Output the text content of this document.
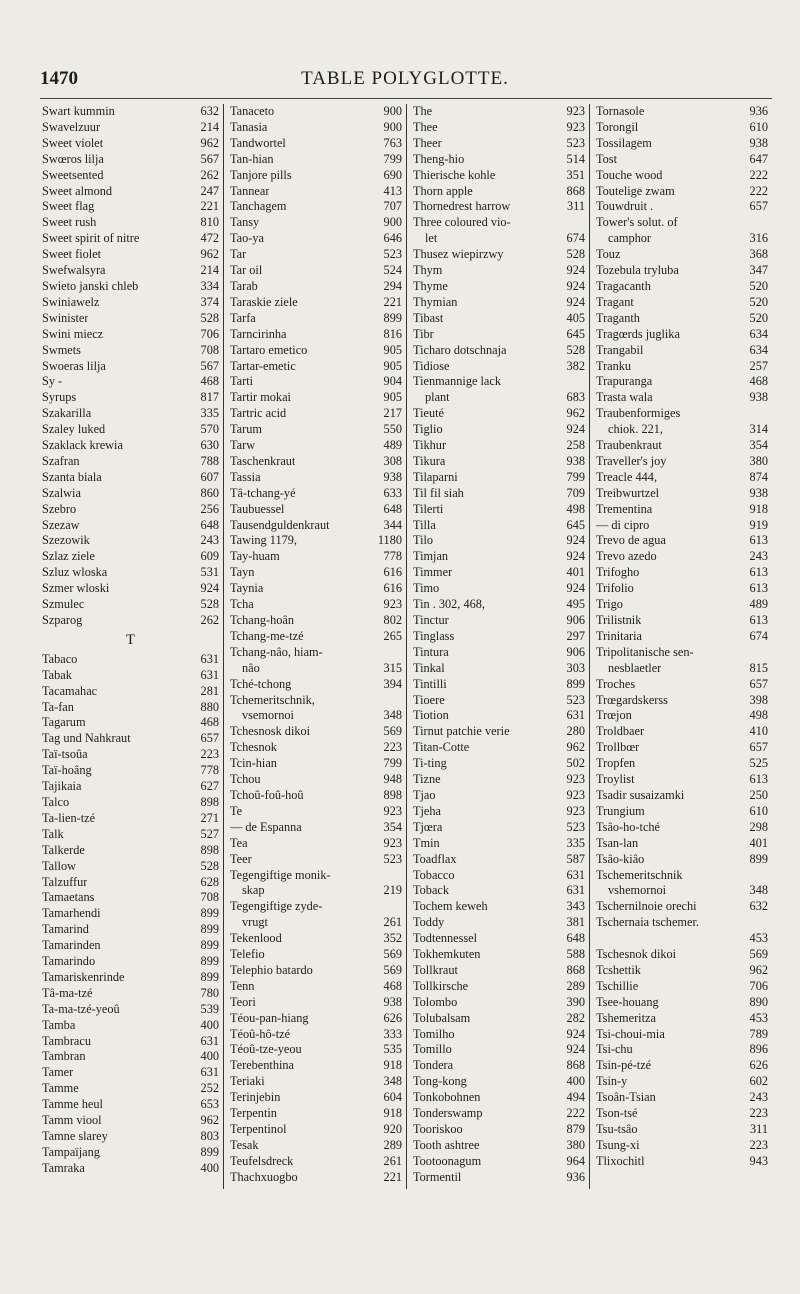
1470	TABLE POLYGLOTTE.
Swart kummin	632
Swavelzuur	214
Sweet violet	962
Swœros lilja	567
Sweetsented	262
Sweet almond	247
Sweet flag	221
Sweet rush	810
Sweet spirit of nitre	472
Sweet fiolet	962
Swefwalsyra	214
Swieto janski chleb	334
Swiniawelz	374
Swinister	528
Swini miecz	706
Swmets	708
Swoeras lilja	567
Sy -	468
Syrups	817
Szakarilla	335
Szaley luked	570
Szaklack krewia	630
Szafran	788
Szanta biala	607
Szalwia	860
Szebro	256
Szezaw	648
Szezowik	243
Szlaz ziele	609
Szluz wloska	531
Szmer wloski	924
Szmulec	528
Szparog	262
T
Tabaco	631
Tabak	631
Tacamahac	281
Ta-fan	880
Tagarum	468
Tag und Nahkraut	657
Taï-tsoûa	223
Taï-hoâng	778
Tajikaia	627
Talco	898
Ta-lien-tzé	271
Talk	527
Talkerde	898
Tallow	528
Talzuffur	628
Tamaetans	708
Tamarhendi	899
Tamarind	899
Tamarinden	899
Tamarindo	899
Tamariskenrinde	899
Tâ-ma-tzé	780
Ta-ma-tzé-yeoû	539
Tamba	400
Tambracu	631
Tambran	400
Tamer	631
Tamme	252
Tamme heul	653
Tamm viool	962
Tamne slarey	803
Tampaïjang	899
Tamraka	400
Tanaceto	900
Tanasia	900
Tandwortel	763
Tan-hian	799
Tanjore pills	690
Tannear	413
Tanchagem	707
Tansy	900
Tao-ya	646
Tar	523
Tar oil	524
Tarab	294
Taraskie ziele	221
Tarfa	899
Tarncirinha	816
Tartaro emetico	905
Tartar-emetic	905
Tarti	904
Tartir mokai	905
Tartric acid	217
Tarum	550
Tarw	489
Taschenkraut	308
Tassia	938
Tâ-tchang-yé	633
Taubuessel	648
Tausendguldenkraut	344
Tawing 1179,	1180
Tay-huam	778
Tayn	616
Taynia	616
Tcha	923
Tchang-hoân	802
Tchang-me-tzé	265
Tchang-nâo, hiam-
nâo	315
Tché-tchong	394
Tchemeritschnik,
vsemornoi	348
Tchesnosk dikoi	569
Tchesnok	223
Tcin-hian	799
Tchou	948
Tchoû-foû-hoû	898
Te	923
— de Espanna	354
Tea	923
Teer	523
Tegengiftige monik-
skap	219
Tegengiftige zyde-
vrugt	261
Tekenlood	352
Telefio	569
Telephio batardo	569
Tenn	468
Teori	938
Téou-pan-hiang	626
Téoû-hô-tzé	333
Téoû-tze-yeou	535
Terebenthina	918
Teriaki	348
Terinjebin	604
Terpentin	918
Terpentinol	920
Tesak	289
Teufelsdreck	261
Thachxuogbo	221
The	923
Thee	923
Theer	523
Theng-hio	514
Thierische kohle	351
Thorn apple	868
Thornedrest harrow	311
Three coloured vio-
let	674
Thusez wiepirzwy	528
Thym	924
Thyme	924
Thymian	924
Tibast	405
Tibr	645
Ticharo dotschnaja	528
Tidiose	382
Tienmannige lack
plant	683
Tieuté	962
Tiglio	924
Tikhur	258
Tikura	938
Tilaparni	799
Til fil siah	709
Tilerti	498
Tilla	645
Tilo	924
Timjan	924
Timmer	401
Timo	924
Tin . 302, 468,	495
Tinctur	906
Tinglass	297
Tintura	906
Tinkal	303
Tintilli	899
Tioere	523
Tiotion	631
Tirnut patchie verie	280
Titan-Cotte	962
Ti-ting	502
Tizne	923
Tjao	923
Tjeha	923
Tjœra	523
Tmin	335
Toadflax	587
Tobacco	631
Toback	631
Tochem keweh	343
Toddy	381
Todtennessel	648
Tokhemkuten	588
Tollkraut	868
Tollkirsche	289
Tolombo	390
Tolubalsam	282
Tomilho	924
Tomillo	924
Tondera	868
Tong-kong	400
Tonkobohnen	494
Tonderswamp	222
Tooriskoo	879
Tooth ashtree	380
Tootoonagum	964
Tormentil	936
Tornasole	936
Torongil	610
Tossilagem	938
Tost	647
Touche wood	222
Toutelige zwam	222
Touwdruit .	657
Tower's solut. of
camphor	316
Touz	368
Tozebula tryluba	347
Tragacanth	520
Tragant	520
Traganth	520
Tragœrds juglika	634
Trangabil	634
Tranku	257
Trapuranga	468
Trasta wala	938
Traubenformiges
chiok. 221,	314
Traubenkraut	354
Traveller's joy	380
Treacle 444,	874
Treibwurtzel	938
Trementina	918
— di cipro	919
Trevo de agua	613
Trevo azedo	243
Trifogho	613
Trifolio	613
Trigo	489
Trilistnik	613
Trinitaria	674
Tripolitanische sen-
nesblaetler	815
Troches	657
Trœgardskerss	398
Trœjon	498
Troldbaer	410
Trollbœr	657
Tropfen	525
Troylist	613
Tsadir susaizamki	250
Trungium	610
Tsâo-ho-tché	298
Tsan-lan	401
Tsâo-kiâo	899
Tschemeritschnik
vshemornoi	348
Tschernilnoie orechi	632
Tschernaia tschemer.
453
Tschesnok dikoi	569
Tcshettik	962
Tschillie	706
Tsee-houang	890
Tshemeritza	453
Tsi-choui-mia	789
Tsi-chu	896
Tsin-pé-tzé	626
Tsin-y	602
Tsoân-Tsian	243
Tson-tsé	223
Tsu-tsâo	311
Tsung-xi	223
Tlixochitl	943
